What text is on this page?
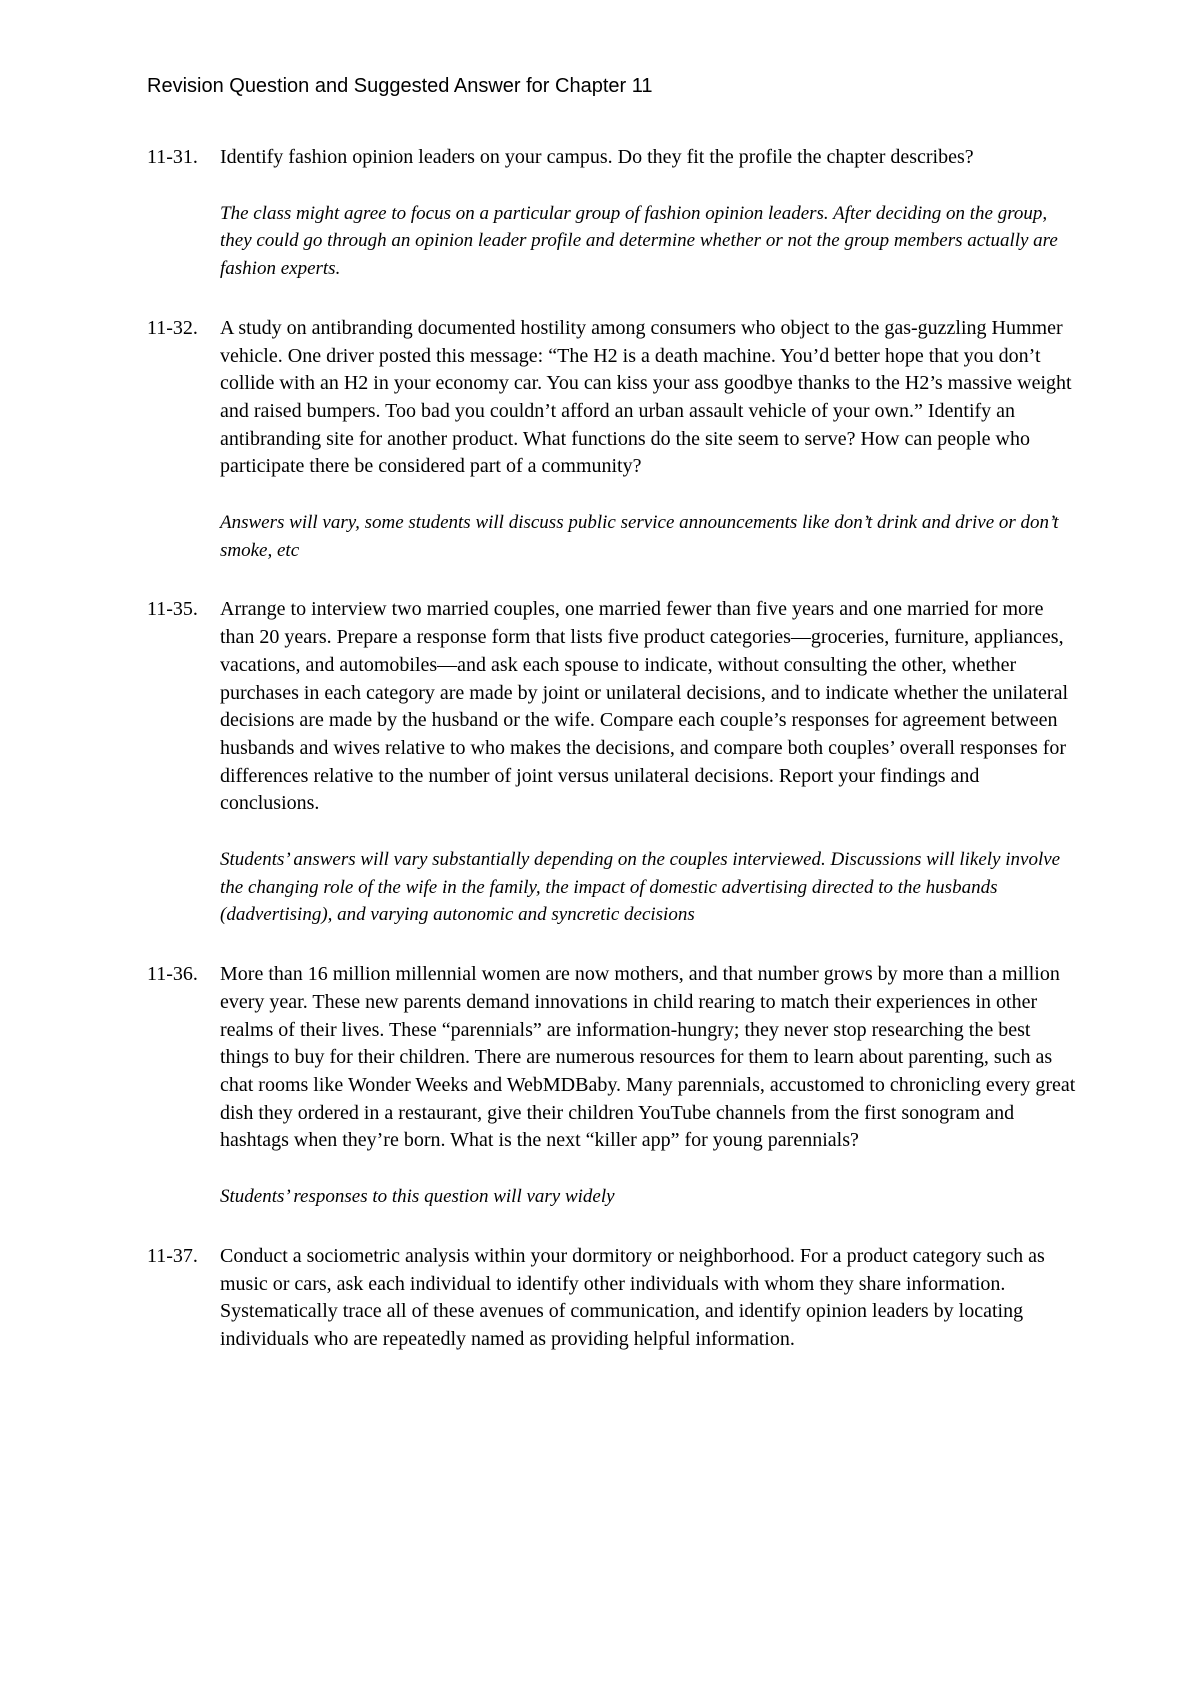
Revision Question and Suggested Answer for Chapter 11
11-31. Identify fashion opinion leaders on your campus. Do they fit the profile the chapter describes?

The class might agree to focus on a particular group of fashion opinion leaders. After deciding on the group, they could go through an opinion leader profile and determine whether or not the group members actually are fashion experts.

11-32. A study on antibranding documented hostility among consumers who object to the gas-guzzling Hummer vehicle. One driver posted this message: “The H2 is a death machine. You’d better hope that you don’t collide with an H2 in your economy car. You can kiss your ass goodbye thanks to the H2’s massive weight and raised bumpers. Too bad you couldn’t afford an urban assault vehicle of your own.” Identify an antibranding site for another product. What functions do the site seem to serve? How can people who participate there be considered part of a community?

Answers will vary, some students will discuss public service announcements like don’t drink and drive or don’t smoke, etc

11-35. Arrange to interview two married couples, one married fewer than five years and one married for more than 20 years. Prepare a response form that lists five product categories—groceries, furniture, appliances, vacations, and automobiles—and ask each spouse to indicate, without consulting the other, whether purchases in each category are made by joint or unilateral decisions, and to indicate whether the unilateral decisions are made by the husband or the wife. Compare each couple’s responses for agreement between husbands and wives relative to who makes the decisions, and compare both couples’ overall responses for differences relative to the number of joint versus unilateral decisions. Report your findings and conclusions.

Students’ answers will vary substantially depending on the couples interviewed. Discussions will likely involve the changing role of the wife in the family, the impact of domestic advertising directed to the husbands (dadvertising), and varying autonomic and syncretic decisions

11-36. More than 16 million millennial women are now mothers, and that number grows by more than a million every year. These new parents demand innovations in child rearing to match their experiences in other realms of their lives. These “parennials” are information-hungry; they never stop researching the best things to buy for their children. There are numerous resources for them to learn about parenting, such as chat rooms like Wonder Weeks and WebMDBaby. Many parennials, accustomed to chronicling every great dish they ordered in a restaurant, give their children YouTube channels from the first sonogram and hashtags when they’re born. What is the next “killer app” for young parennials?

Students’ responses to this question will vary widely

11-37. Conduct a sociometric analysis within your dormitory or neighborhood. For a product category such as music or cars, ask each individual to identify other individuals with whom they share information. Systematically trace all of these avenues of communication, and identify opinion leaders by locating individuals who are repeatedly named as providing helpful information.
